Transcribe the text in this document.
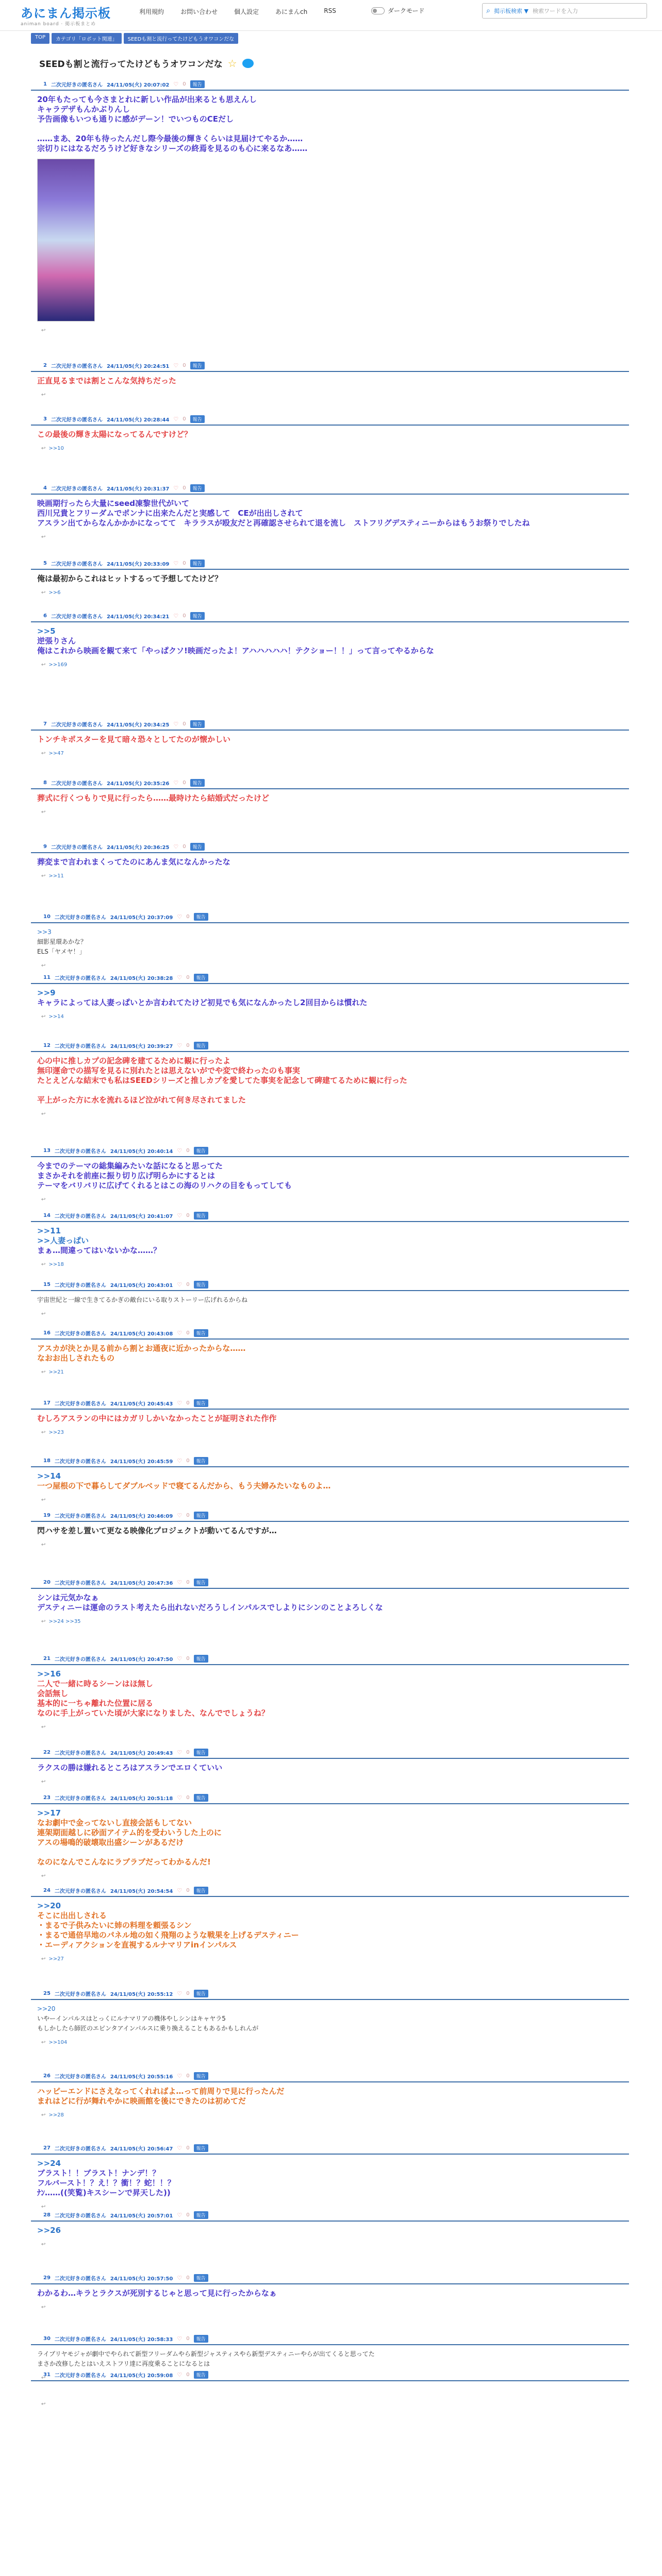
あにまん掲示板
animan board · 掲示板まとめ
利用規約	お問い合わせ	個人設定	あにまんch	RSS	ダークモード	⌕ 掲示板検索 ▼ 検索ワードを入力
TOP	カテゴリ「ロボット関連」	SEEDも割と流行ってたけどもうオワコンだな
SEEDも割と流行ってたけどもうオワコンだな ☆
1 二次元好きの匿名さん 24/11/05(火) 20:07:02 ♡ 0	報告
20年もたっても今さまとれに新しい作品が出来るとも思えんし
キャラデザもんかぶりんし
予告画像もいつも通りに感がデーン！でいつものCEだし

……まあ、20年も待ったんだし際今最後の輝きくらいは見届けてやるか……
宗切りにはなるだろうけど好きなシリーズの終焉を見るのも心に来るなあ……
↩
2 二次元好きの匿名さん 24/11/05(火) 20:24:51 ♡ 0	報告
正直見るまでは割とこんな気持ちだった
↩
3 二次元好きの匿名さん 24/11/05(火) 20:28:44 ♡ 0	報告
この最後の輝き太陽になってるんですけど？
↩ >>10
4 二次元好きの匿名さん 24/11/05(火) 20:31:37 ♡ 0	報告
映画期行ったら大量にseed凍黎世代がいて
西川兄貴とフリーダムでポンナに出来たんだと実感して　CEが出出しされて
アスラン出てからなんかかかになってて　キララスが殴友だと再確認させられて退を流し　ストフリグデスティニーからはもうお祭りでしたね
↩
5 二次元好きの匿名さん 24/11/05(火) 20:33:09 ♡ 0	報告
俺は最初からこれはヒットするって予想してたけど？
↩ >>6
6 二次元好きの匿名さん 24/11/05(火) 20:34:21 ♡ 0	報告
>>5
逆張りさん
俺はこれから映画を観て来て「やっぱクソ!映画だったよ！アハハハハハ！テクショー！！」って言ってやるからな
↩ >>169
7 二次元好きの匿名さん 24/11/05(火) 20:34:25 ♡ 0	報告
トンチキポスターを見て暗々恐々としてたのが懐かしい
↩ >>47
8 二次元好きの匿名さん 24/11/05(火) 20:35:26 ♡ 0	報告
葬式に行くつもりで見に行ったら……最時けたら結婚式だったけど
↩
9 二次元好きの匿名さん 24/11/05(火) 20:36:25 ♡ 0	報告
葬変まで言われまくってたのにあんま気になんかったな
↩ >>11
10 二次元好きの匿名さん 24/11/05(火) 20:37:09 ♡ 0	報告
>>3
細影星環あかな？
ELS「ヤメヤ！」
↩
11 二次元好きの匿名さん 24/11/05(火) 20:38:28 ♡ 0	報告
>>9
キャラによっては人妻っぱいとか言われてたけど初見でも気になんかったし2回目からは慣れた
↩ >>14
12 二次元好きの匿名さん 24/11/05(火) 20:39:27 ♡ 0	報告
心の中に推しカプの記念碑を建てるために観に行ったよ
無印運命での描写を見るに別れたとは思えないがでや変で終わったのも事実
たとえどんな結末でも私はSEEDシリーズと推しカプを愛してた事実を記念して碑建てるために観に行った

平上がった方に水を流れるほど泣がれて何き尽されてました
↩
13 二次元好きの匿名さん 24/11/05(火) 20:40:14 ♡ 0	報告
今までのテーマの総集編みたいな話になると思ってた
まさかそれを前座に振り切り広げ明らかにするとは
テーマをバリバリに広げてくれるとはこの海のリハクの目をもってしても
↩
14 二次元好きの匿名さん 24/11/05(火) 20:41:07 ♡ 0	報告
>>11
>>人妻っぱい
まぁ…間違ってはいないかな……？
↩ >>18
15 二次元好きの匿名さん 24/11/05(火) 20:43:01 ♡ 0	報告
宇宙世紀と一線で生きてるかぎの敵台にいる取りストーリー広げれるからね
↩
16 二次元好きの匿名さん 24/11/05(火) 20:43:08 ♡ 0	報告
アスカが決とか見る前から割とお通夜に近かったからな……
なおお出しされたもの
↩ >>21
17 二次元好きの匿名さん 24/11/05(火) 20:45:43 ♡ 0	報告
むしろアスランの中にはカガリしかいなかったことが証明された作作
↩ >>23
18 二次元好きの匿名さん 24/11/05(火) 20:45:59 ♡ 0	報告
>>14
一つ屋根の下で暮らしてダブルベッドで寝てるんだから、もう夫婦みたいなものよ…
↩
19 二次元好きの匿名さん 24/11/05(火) 20:46:09 ♡ 0	報告
閃ハサを差し置いて更なる映像化プロジェクトが動いてるんですが…
↩
20 二次元好きの匿名さん 24/11/05(火) 20:47:36 ♡ 0	報告
シンは元気かなぁ
デスティニーは運命のラスト考えたら出れないだろうしインパルスでしよりにシンのことよろしくな
↩ >>24 >>35
21 二次元好きの匿名さん 24/11/05(火) 20:47:50 ♡ 0	報告
>>16
二人で一緒に時るシーンはほ無し
会話無し
基本的に一ちゃ離れた位置に居る
なのに手上がっていた頃が大家になりました、なんででしょうね？
↩
22 二次元好きの匿名さん 24/11/05(火) 20:49:43 ♡ 0	報告
ラクスの勝は嫌れるところはアスランでエロくていい
↩
23 二次元好きの匿名さん 24/11/05(火) 20:51:18 ♡ 0	報告
>>17
なお劇中で金ってないし直接会話もしてない
連架期面越しに砂面アイテム的を受わいうした上のに
アスの場鳴的破壊取出盛シーンがあるだけ

なのになんでこんなにラブラブだってわかるんだ!
↩
24 二次元好きの匿名さん 24/11/05(火) 20:54:54 ♡ 0	報告
>>20
そこに出出しされる
・まるで子供みたいに姉の料理を頼張るシン
・まるで通倍早地のパネル地の如く飛翔のような戦果を上げるデスティニー
・エーディアクションを直視するルナマリアinインパルス
↩ >>27
25 二次元好きの匿名さん 24/11/05(火) 20:55:12 ♡ 0	報告
>>20
いやーインパルスはとっくにルナマリアの機体やしシンはキャヤラ5
もしかしたら師匠のエピンタアインパルスに乗り換えることもあるかもしれんが
↩ >>104
26 二次元好きの匿名さん 24/11/05(火) 20:55:16 ♡ 0	報告
ハッピーエンドにさえなってくれればよ…って前周りで見に行ったんだ
まれはどに行が舞れやかに映画館を後にできたのは初めてだ
↩ >>28
27 二次元好きの匿名さん 24/11/05(火) 20:56:47 ♡ 0	報告
>>24
ブラスト！！ブラスト！ナンデ！？
フルバースト！？え！？衝！？蛇！！？
ﾅﾝ……((笑覧)キスシーンで昇天した))
↩
28 二次元好きの匿名さん 24/11/05(火) 20:57:01 ♡ 0	報告
>>26
↩
29 二次元好きの匿名さん 24/11/05(火) 20:57:50 ♡ 0	報告
わかるわ…キラとラクスが死別するじゃと思って見に行ったからなぁ
↩
30 二次元好きの匿名さん 24/11/05(火) 20:58:33 ♡ 0	報告
ライブリヤモジャが劇中でやられて新型フリーダムやら新型ジャスティスやら新型デスティニーやらが出てくると思ってた
まさか改修したとはいえストフリ達に再度乗ることになるとは
↩
31 二次元好きの匿名さん 24/11/05(火) 20:59:08 ♡ 0	報告

↩
